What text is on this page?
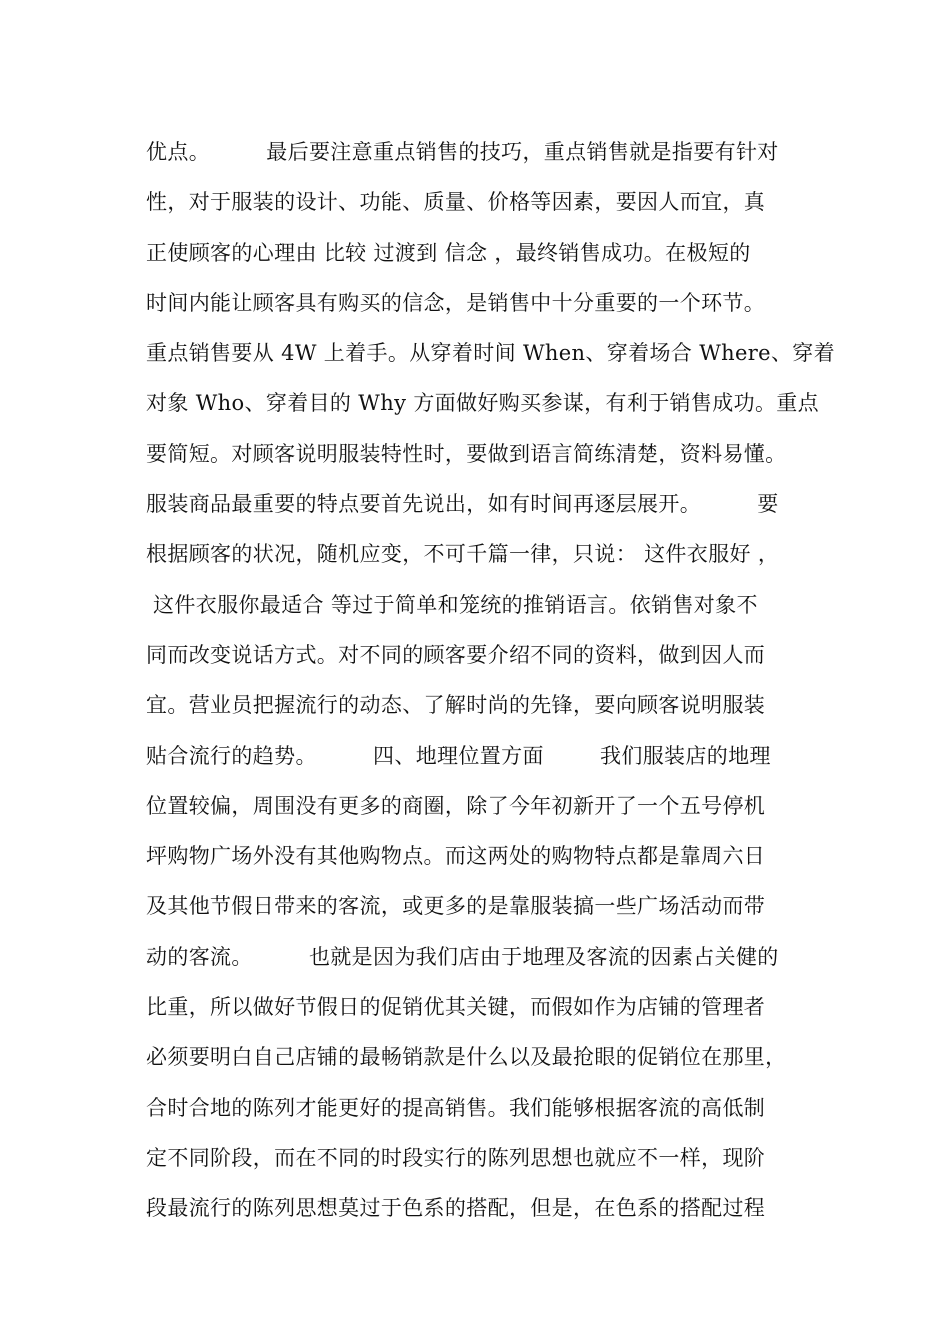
优点。        最后要注意重点销售的技巧，重点销售就是指要有针对
性，对于服装的设计、功能、质量、价格等因素，要因人而宜，真
正使顾客的心理由 比较 过渡到 信念 ，最终销售成功。在极短的
时间内能让顾客具有购买的信念，是销售中十分重要的一个环节。
重点销售要从 4W 上着手。从穿着时间 When、穿着场合 Where、穿着
对象 Who、穿着目的 Why 方面做好购买参谋，有利于销售成功。重点
要简短。对顾客说明服装特性时，要做到语言简练清楚，资料易懂。
服装商品最重要的特点要首先说出，如有时间再逐层展开。        要
根据顾客的状况，随机应变，不可千篇一律，只说： 这件衣服好 ，
这件衣服你最适合 等过于简单和笼统的推销语言。依销售对象不
同而改变说话方式。对不同的顾客要介绍不同的资料，做到因人而
宜。营业员把握流行的动态、了解时尚的先锋，要向顾客说明服装
贴合流行的趋势。        四、地理位置方面        我们服装店的地理
位置较偏，周围没有更多的商圈，除了今年初新开了一个五号停机
坪购物广场外没有其他购物点。而这两处的购物特点都是靠周六日
及其他节假日带来的客流，或更多的是靠服装搞一些广场活动而带
动的客流。        也就是因为我们店由于地理及客流的因素占关健的
比重，所以做好节假日的促销优其关键，而假如作为店铺的管理者
必须要明白自己店铺的最畅销款是什么以及最抢眼的促销位在那里，
合时合地的陈列才能更好的提高销售。我们能够根据客流的高低制
定不同阶段，而在不同的时段实行的陈列思想也就应不一样，现阶
段最流行的陈列思想莫过于色系的搭配，但是，在色系的搭配过程
